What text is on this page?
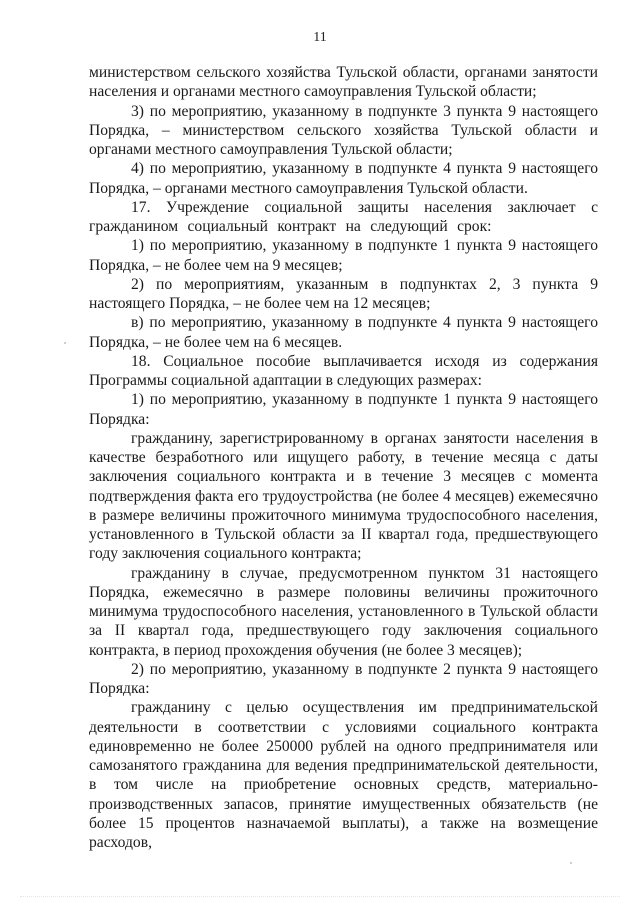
11

министерством сельского хозяйства Тульской области, органами занятости населения и органами местного самоуправления Тульской области;

3) по мероприятию, указанному в подпункте 3 пункта 9 настоящего Порядка, – министерством сельского хозяйства Тульской области и органами местного самоуправления Тульской области;

4) по мероприятию, указанному в подпункте 4 пункта 9 настоящего Порядка, – органами местного самоуправления Тульской области.

17. Учреждение социальной защиты населения заключает с гражданином социальный контракт на следующий срок:

1) по мероприятию, указанному в подпункте 1 пункта 9 настоящего Порядка, – не более чем на 9 месяцев;

2) по мероприятиям, указанным в подпунктах 2, 3 пункта 9 настоящего Порядка, – не более чем на 12 месяцев;

в) по мероприятию, указанному в подпункте 4 пункта 9 настоящего Порядка, – не более чем на 6 месяцев.

18. Социальное пособие выплачивается исходя из содержания Программы социальной адаптации в следующих размерах:

1) по мероприятию, указанному в подпункте 1 пункта 9 настоящего Порядка:

гражданину, зарегистрированному в органах занятости населения в качестве безработного или ищущего работу, в течение месяца с даты заключения социального контракта и в течение 3 месяцев с момента подтверждения факта его трудоустройства (не более 4 месяцев) ежемесячно в размере величины прожиточного минимума трудоспособного населения, установленного в Тульской области за II квартал года, предшествующего году заключения социального контракта;

гражданину в случае, предусмотренном пунктом 31 настоящего Порядка, ежемесячно в размере половины величины прожиточного минимума трудоспособного населения, установленного в Тульской области за II квартал года, предшествующего году заключения социального контракта, в период прохождения обучения (не более 3 месяцев);

2) по мероприятию, указанному в подпункте 2 пункта 9 настоящего Порядка:

гражданину с целью осуществления им предпринимательской деятельности в соответствии с условиями социального контракта единовременно не более 250000 рублей на одного предпринимателя или самозанятого гражданина для ведения предпринимательской деятельности, в том числе на приобретение основных средств, материально-производственных запасов, принятие имущественных обязательств (не более 15 процентов назначаемой выплаты), а также на возмещение расходов,
